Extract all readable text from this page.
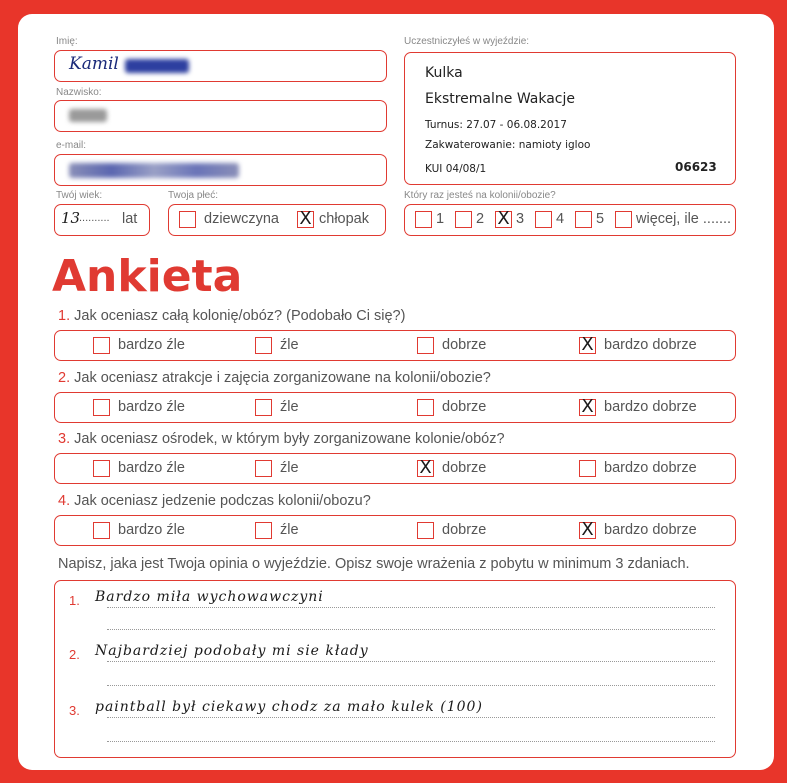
Imię:
Kamil
Nazwisko:
e-mail:
Uczestniczyłeś w wyjeździe:
Kulka
Ekstremalne Wakacje
Turnus: 27.07 - 06.08.2017
Zakwaterowanie: namioty igloo
KUI 04/08/1	06623
Twój wiek:
13
.......... lat
Twoja płeć:
dziewczyna X chłopak
Który raz jesteś na kolonii/obozie?
1 2 X 3 4 5 więcej, ile .......
Ankieta
1. Jak oceniasz całą kolonię/obóz? (Podobało Ci się?)
bardzo źle	źle	dobrze	X bardzo dobrze
2. Jak oceniasz atrakcje i zajęcia zorganizowane na kolonii/obozie?
bardzo źle	źle	dobrze	X bardzo dobrze
3. Jak oceniasz ośrodek, w którym były zorganizowane kolonie/obóz?
bardzo źle	źle	X dobrze	bardzo dobrze
4. Jak oceniasz jedzenie podczas kolonii/obozu?
bardzo źle	źle	dobrze	X bardzo dobrze
Napisz, jaka jest Twoja opinia o wyjeździe. Opisz swoje wrażenia z pobytu w minimum 3 zdaniach.
1. Bardzo miła wychowawczyni
2. Najbardziej podobały mi sie kłady
3. paintball był ciekawy chodz za mało kulek (100)
